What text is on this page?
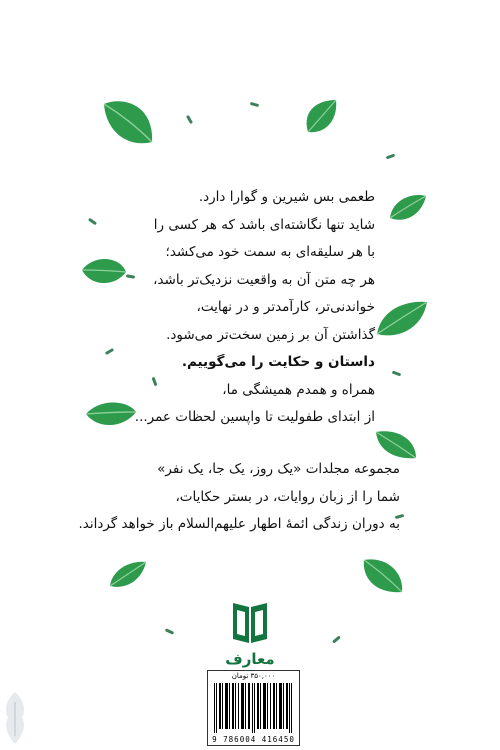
طعمی بس شیرین و گوارا دارد.
شاید تنها نگاشته‌ای باشد که هر کسی را
با هر سلیقه‌ای به سمت خود می‌کشد؛
هر چه متن آن به واقعیت نزدیک‌تر باشد،
خواندنی‌تر، کارآمدتر و در نهایت،
گذاشتن آن بر زمین سخت‌تر می‌شود.
داستان و حکایت را می‌گوییم.
همراه و همدم همیشگی ما،
از ابتدای طفولیت تا واپسین لحظات عمر...
مجموعه مجلدات «یک روز، یک جا، یک نفر»
شما را از زبان روایات، در بستر حکایات،
به دوران زندگی ائمهٔ اطهار علیهم‌السلام باز خواهد گرداند.
معارف
۳۵۰,۰۰۰ تومان
9 786004 416450
